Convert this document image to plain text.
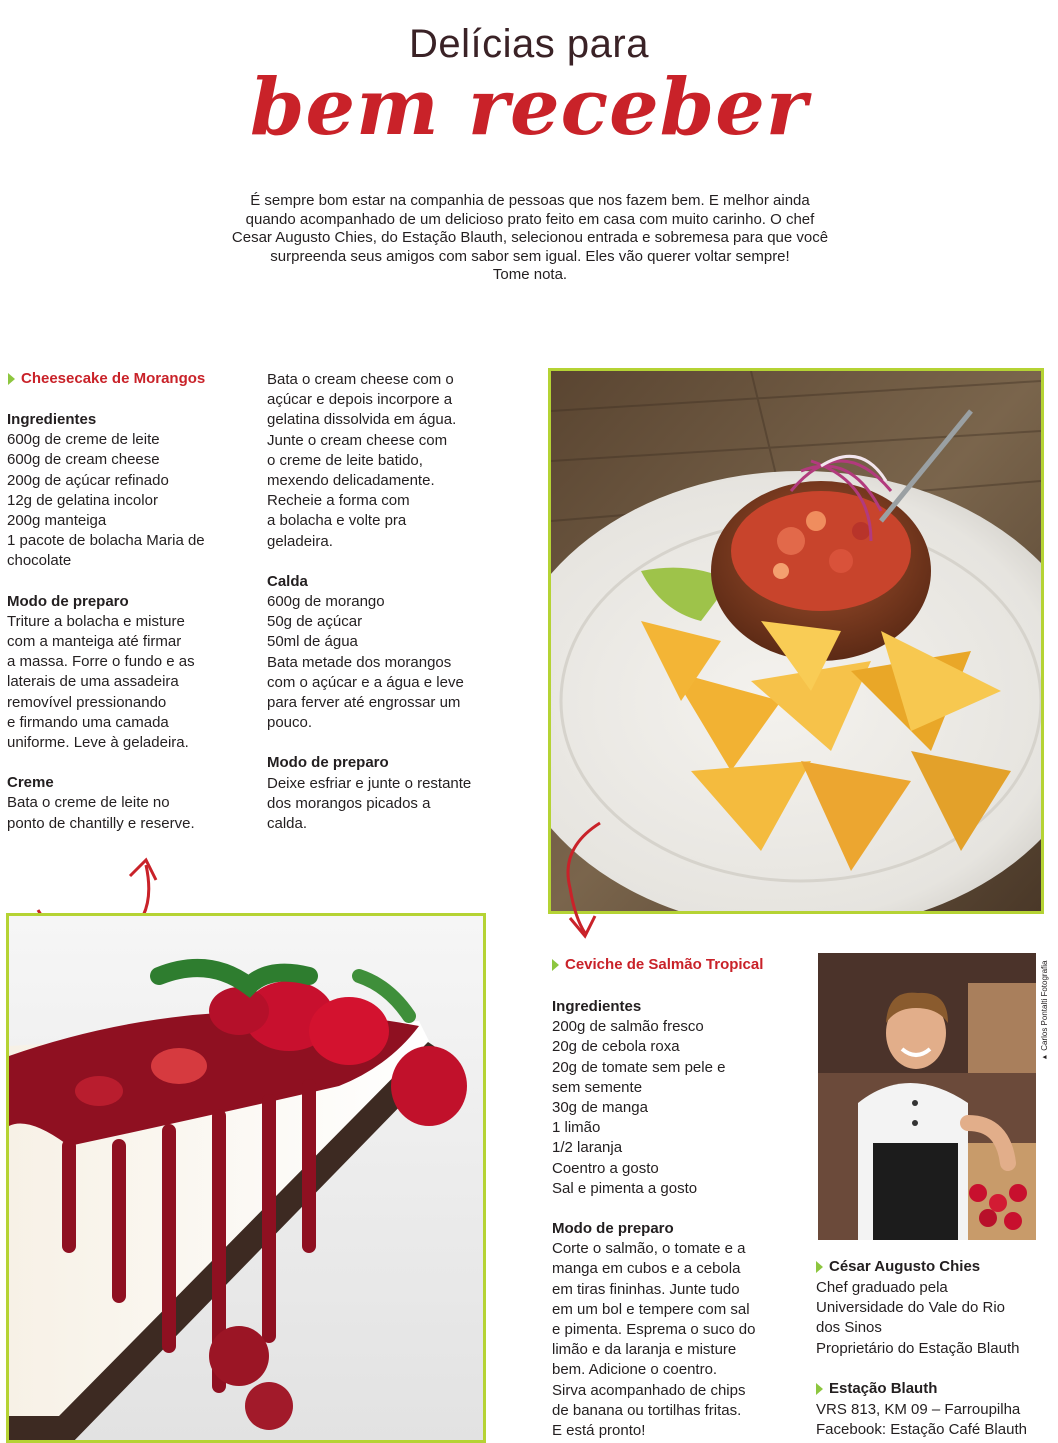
Delícias para
bem receber

É sempre bom estar na companhia de pessoas que nos fazem bem. E melhor ainda

quando acompanhado de um delicioso prato feito em casa com muito carinho. O chef

Cesar Augusto Chies, do Estação Blauth, selecionou entrada e sobremesa para que você

surpreenda seus amigos com sabor sem igual. Eles vão querer voltar sempre!

Tome nota.

Cheesecake de Morangos

Ingredientes

600g de creme de leite

600g de cream cheese

200g de açúcar refinado

12g de gelatina incolor

200g manteiga

1 pacote de bolacha Maria de

chocolate

Modo de preparo

Triture a bolacha e misture

com a manteiga até firmar

a massa. Forre o fundo e as

laterais de uma assadeira

removível pressionando

e firmando uma camada

uniforme. Leve à geladeira.

Creme

Bata o creme de leite no

ponto de chantilly e reserve.

Bata o cream cheese com o

açúcar e depois incorpore a

gelatina dissolvida em água.

Junte o cream cheese com

o creme de leite batido,

mexendo delicadamente.

Recheie a forma com

a bolacha e volte pra

geladeira.

Calda

600g de morango

50g de açúcar

50ml de água

Bata metade dos morangos

com o açúcar e a água e leve

para ferver até engrossar um

pouco.

Modo de preparo

Deixe esfriar e junte o restante

dos morangos picados a

calda.

Ceviche de Salmão Tropical

Ingredientes

200g de salmão fresco

20g de cebola roxa

20g de tomate sem pele e

sem semente

30g de manga

1 limão

1/2 laranja

Coentro a gosto

Sal e pimenta a gosto

Modo de preparo

Corte o salmão, o tomate e a

manga em cubos e a cebola

em tiras fininhas. Junte tudo

em um bol e tempere com sal

e pimenta. Esprema o suco do

limão e da laranja e misture

bem. Adicione o coentro.

Sirva acompanhado de chips

de banana ou tortilhas fritas.

E está pronto!

▸ Carlos Pontalti Fotografia
César Augusto Chies

Chef graduado pela

Universidade do Vale do Rio

dos Sinos

Proprietário do Estação Blauth

Estação Blauth

VRS 813, KM 09 – Farroupilha

Facebook: Estação Café Blauth
